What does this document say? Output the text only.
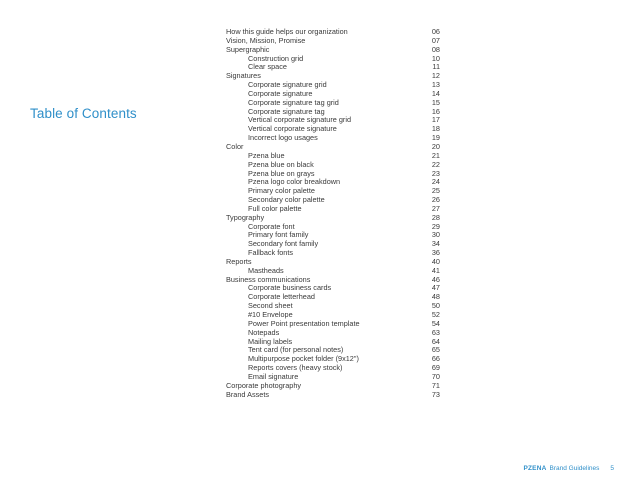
Table of Contents
How this guide helps our organization	06
Vision, Mission, Promise	07
Supergraphic	08
Construction grid	10
Clear space	11
Signatures	12
Corporate signature grid	13
Corporate signature	14
Corporate signature tag grid	15
Corporate signature tag	16
Vertical corporate signature grid	17
Vertical corporate signature	18
Incorrect logo usages	19
Color	20
Pzena blue	21
Pzena blue on black	22
Pzena blue on grays	23
Pzena logo color breakdown	24
Primary color palette	25
Secondary color palette	26
Full color palette	27
Typography	28
Corporate font	29
Primary font family	30
Secondary font family	34
Fallback fonts	36
Reports	40
Mastheads	41
Business communications	46
Corporate business cards	47
Corporate letterhead	48
Second sheet	50
#10 Envelope	52
Power Point presentation template	54
Notepads	63
Mailing labels	64
Tent card (for personal notes)	65
Multipurpose pocket folder (9x12")	66
Reports covers (heavy stock)	69
Email signature	70
Corporate photography	71
Brand Assets	73
PZENA Brand Guidelines 5
